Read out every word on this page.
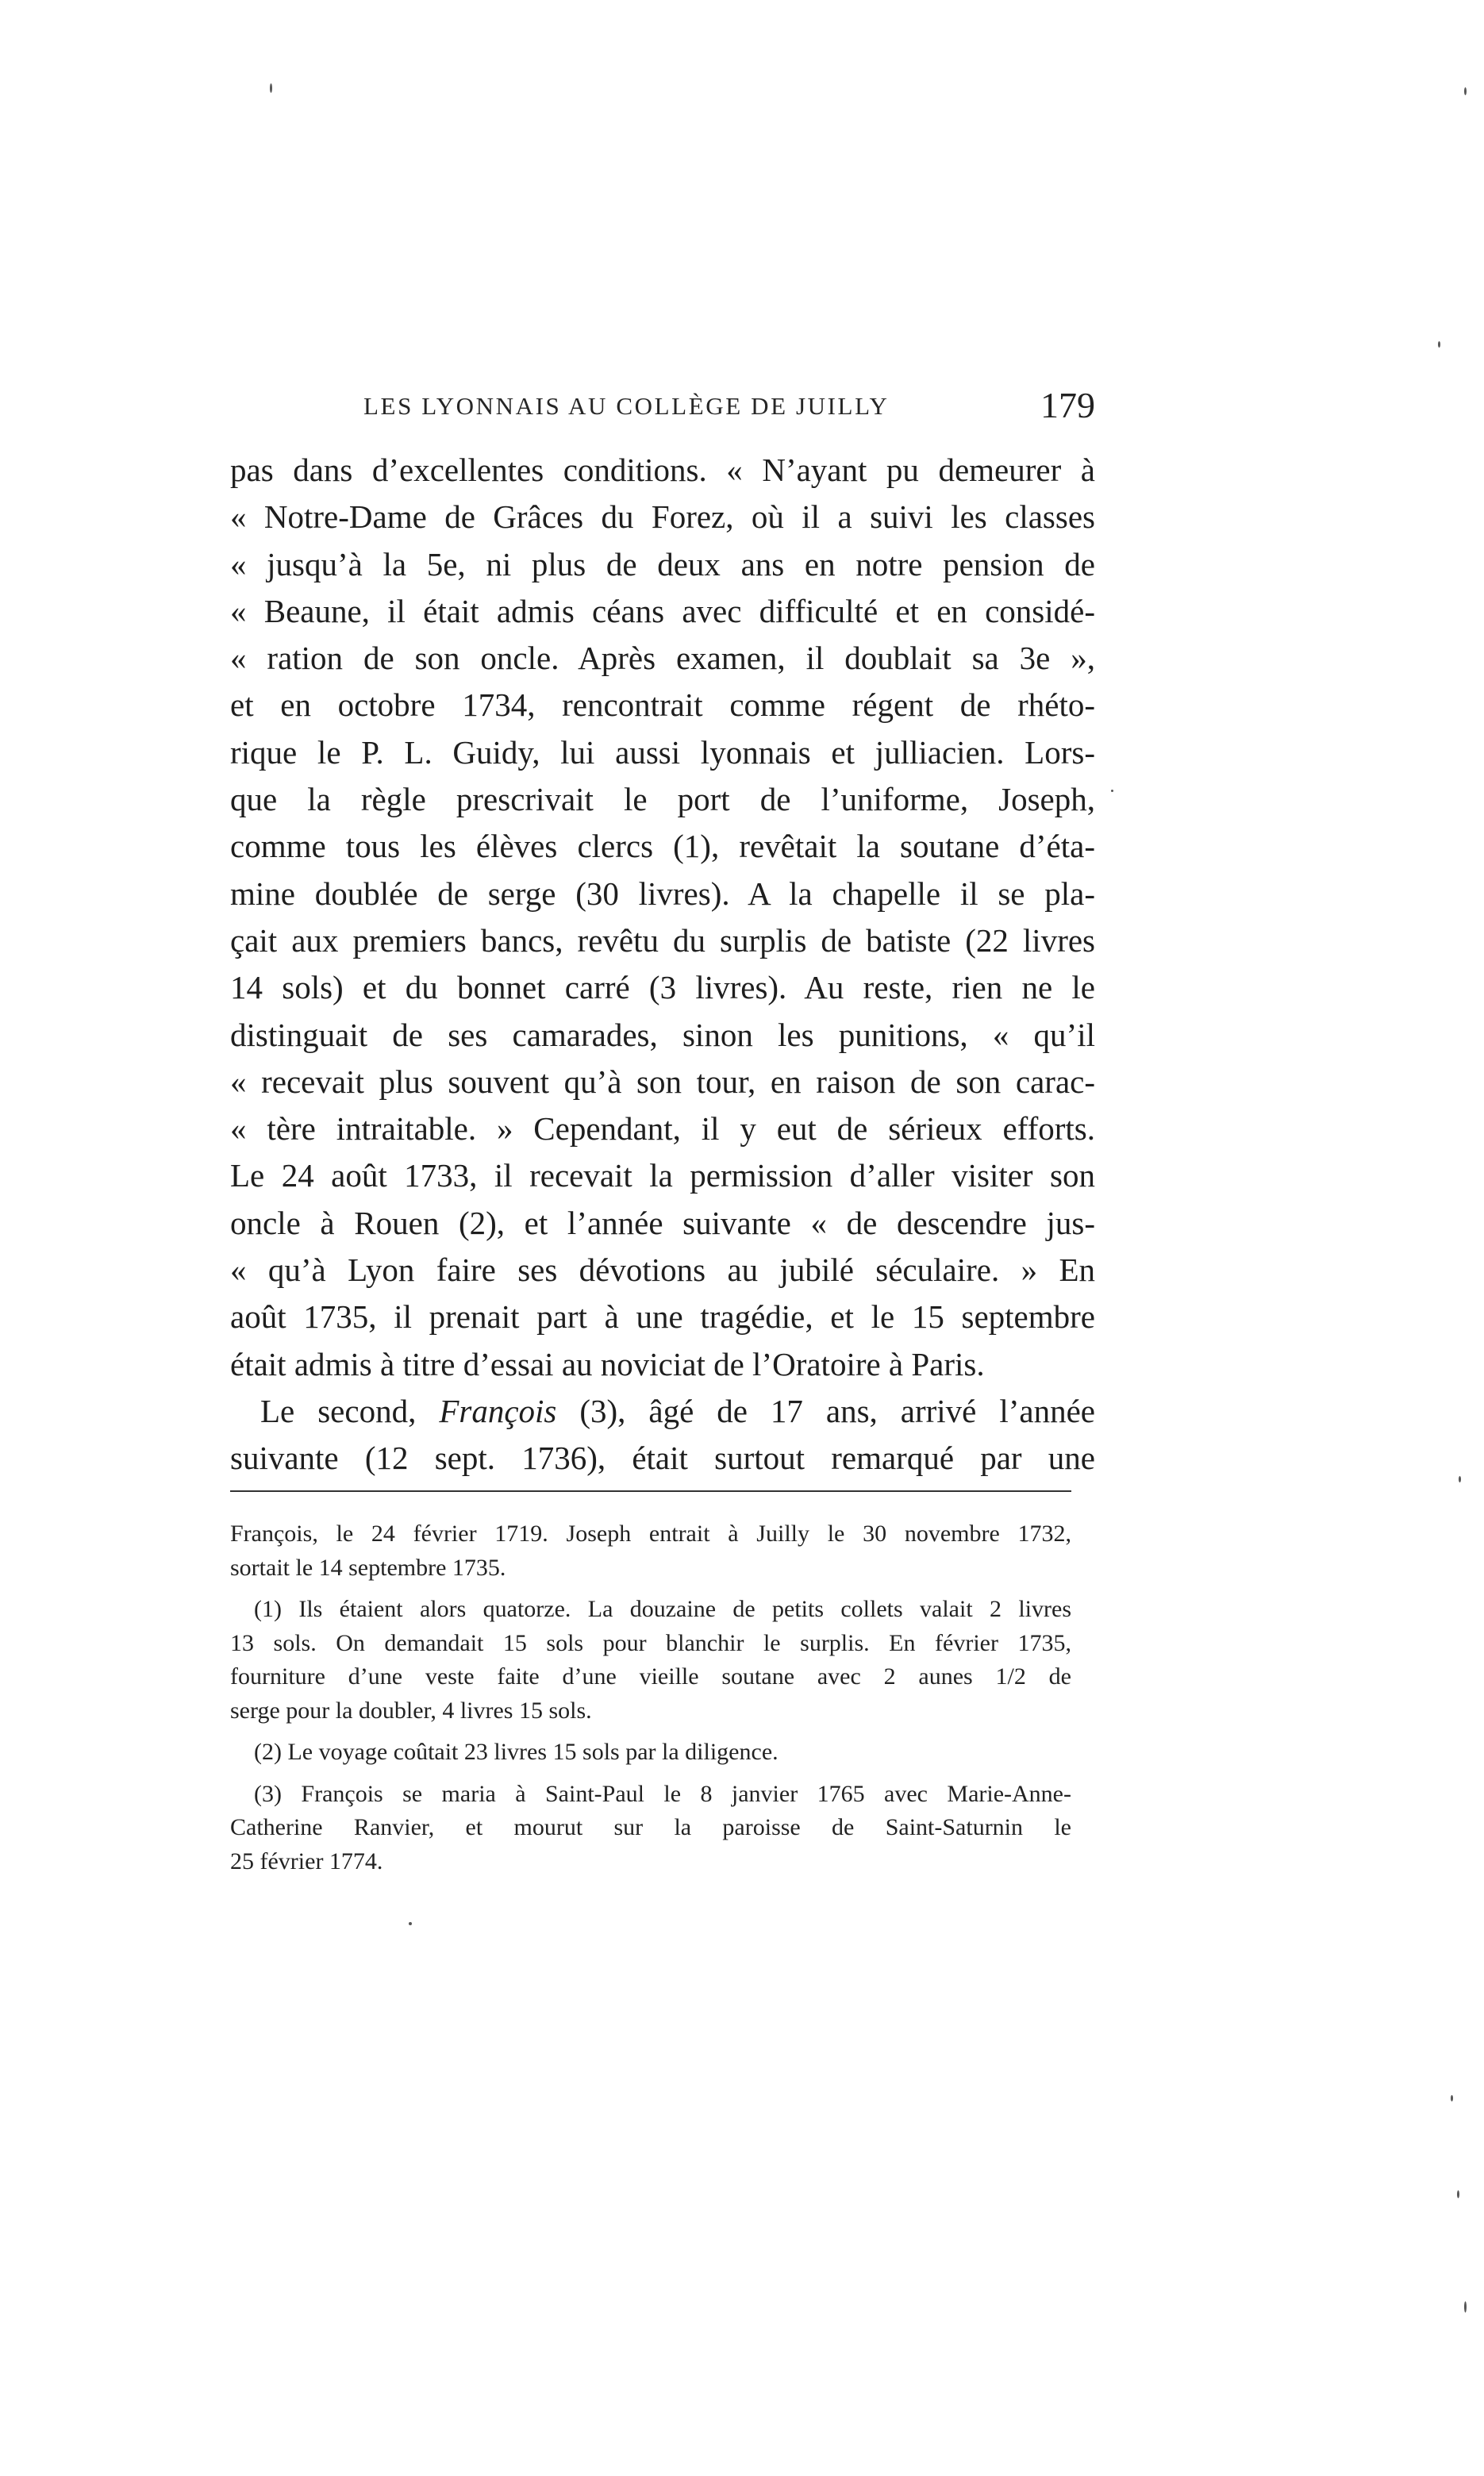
LES LYONNAIS AU COLLÈGE DE JUILLY	179
pas dans d’excellentes conditions. « N’ayant pu demeurer à
« Notre-Dame de Grâces du Forez, où il a suivi les classes
« jusqu’à la 5e, ni plus de deux ans en notre pension de
« Beaune, il était admis céans avec difficulté et en considé-
« ration de son oncle. Après examen, il doublait sa 3e »,
et en octobre 1734, rencontrait comme régent de rhéto-
rique le P. L. Guidy, lui aussi lyonnais et julliacien. Lors-
que la règle prescrivait le port de l’uniforme, Joseph,
comme tous les élèves clercs (1), revêtait la soutane d’éta-
mine doublée de serge (30 livres). A la chapelle il se pla-
çait aux premiers bancs, revêtu du surplis de batiste (22 livres
14 sols) et du bonnet carré (3 livres). Au reste, rien ne le
distinguait de ses camarades, sinon les punitions, « qu’il
« recevait plus souvent qu’à son tour, en raison de son carac-
« tère intraitable. » Cependant, il y eut de sérieux efforts.
Le 24 août 1733, il recevait la permission d’aller visiter son
oncle à Rouen (2), et l’année suivante « de descendre jus-
« qu’à Lyon faire ses dévotions au jubilé séculaire. » En
août 1735, il prenait part à une tragédie, et le 15 septembre
était admis à titre d’essai au noviciat de l’Oratoire à Paris.
Le second, François (3), âgé de 17 ans, arrivé l’année
suivante (12 sept. 1736), était surtout remarqué par une
François, le 24 février 1719. Joseph entrait à Juilly le 30 novembre 1732,
sortait le 14 septembre 1735.
(1) Ils étaient alors quatorze. La douzaine de petits collets valait 2 livres
13 sols. On demandait 15 sols pour blanchir le surplis. En février 1735,
fourniture d’une veste faite d’une vieille soutane avec 2 aunes 1/2 de
serge pour la doubler, 4 livres 15 sols.
(2) Le voyage coûtait 23 livres 15 sols par la diligence.
(3) François se maria à Saint-Paul le 8 janvier 1765 avec Marie-Anne-
Catherine Ranvier, et mourut sur la paroisse de Saint-Saturnin le
25 février 1774.
